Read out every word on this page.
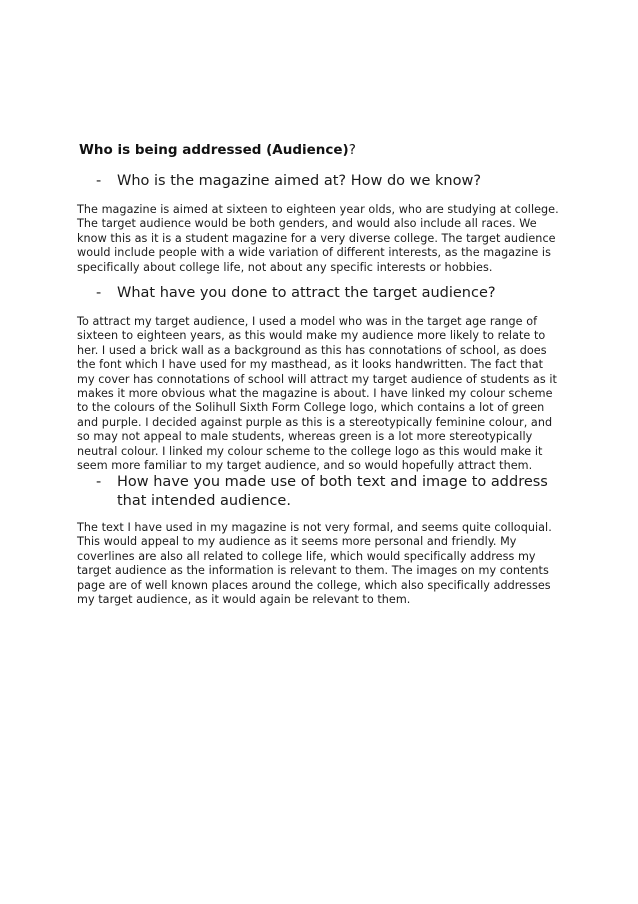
Who is being addressed (Audience)?
- Who is the magazine aimed at? How do we know?
The magazine is aimed at sixteen to eighteen year olds, who are studying at college. The target audience would be both genders, and would also include all races. We know this as it is a student magazine for a very diverse college. The target audience would include people with a wide variation of different interests, as the magazine is specifically about college life, not about any specific interests or hobbies.
- What have you done to attract the target audience?
To attract my target audience, I used a model who was in the target age range of sixteen to eighteen years, as this would make my audience more likely to relate to her. I used a brick wall as a background as this has connotations of school, as does the font which I have used for my masthead, as it looks handwritten. The fact that my cover has connotations of school will attract my target audience of students as it makes it more obvious what the magazine is about. I have linked my colour scheme to the colours of the Solihull Sixth Form College logo, which contains a lot of green and purple. I decided against purple as this is a stereotypically feminine colour, and so may not appeal to male students, whereas green is a lot more stereotypically neutral colour. I linked my colour scheme to the college logo as this would make it seem more familiar to my target audience, and so would hopefully attract them.
- How have you made use of both text and image to address that intended audience.
The text I have used in my magazine is not very formal, and seems quite colloquial. This would appeal to my audience as it seems more personal and friendly. My coverlines are also all related to college life, which would specifically address my target audience as the information is relevant to them. The images on my contents page are of well known places around the college, which also specifically addresses my target audience, as it would again be relevant to them.
